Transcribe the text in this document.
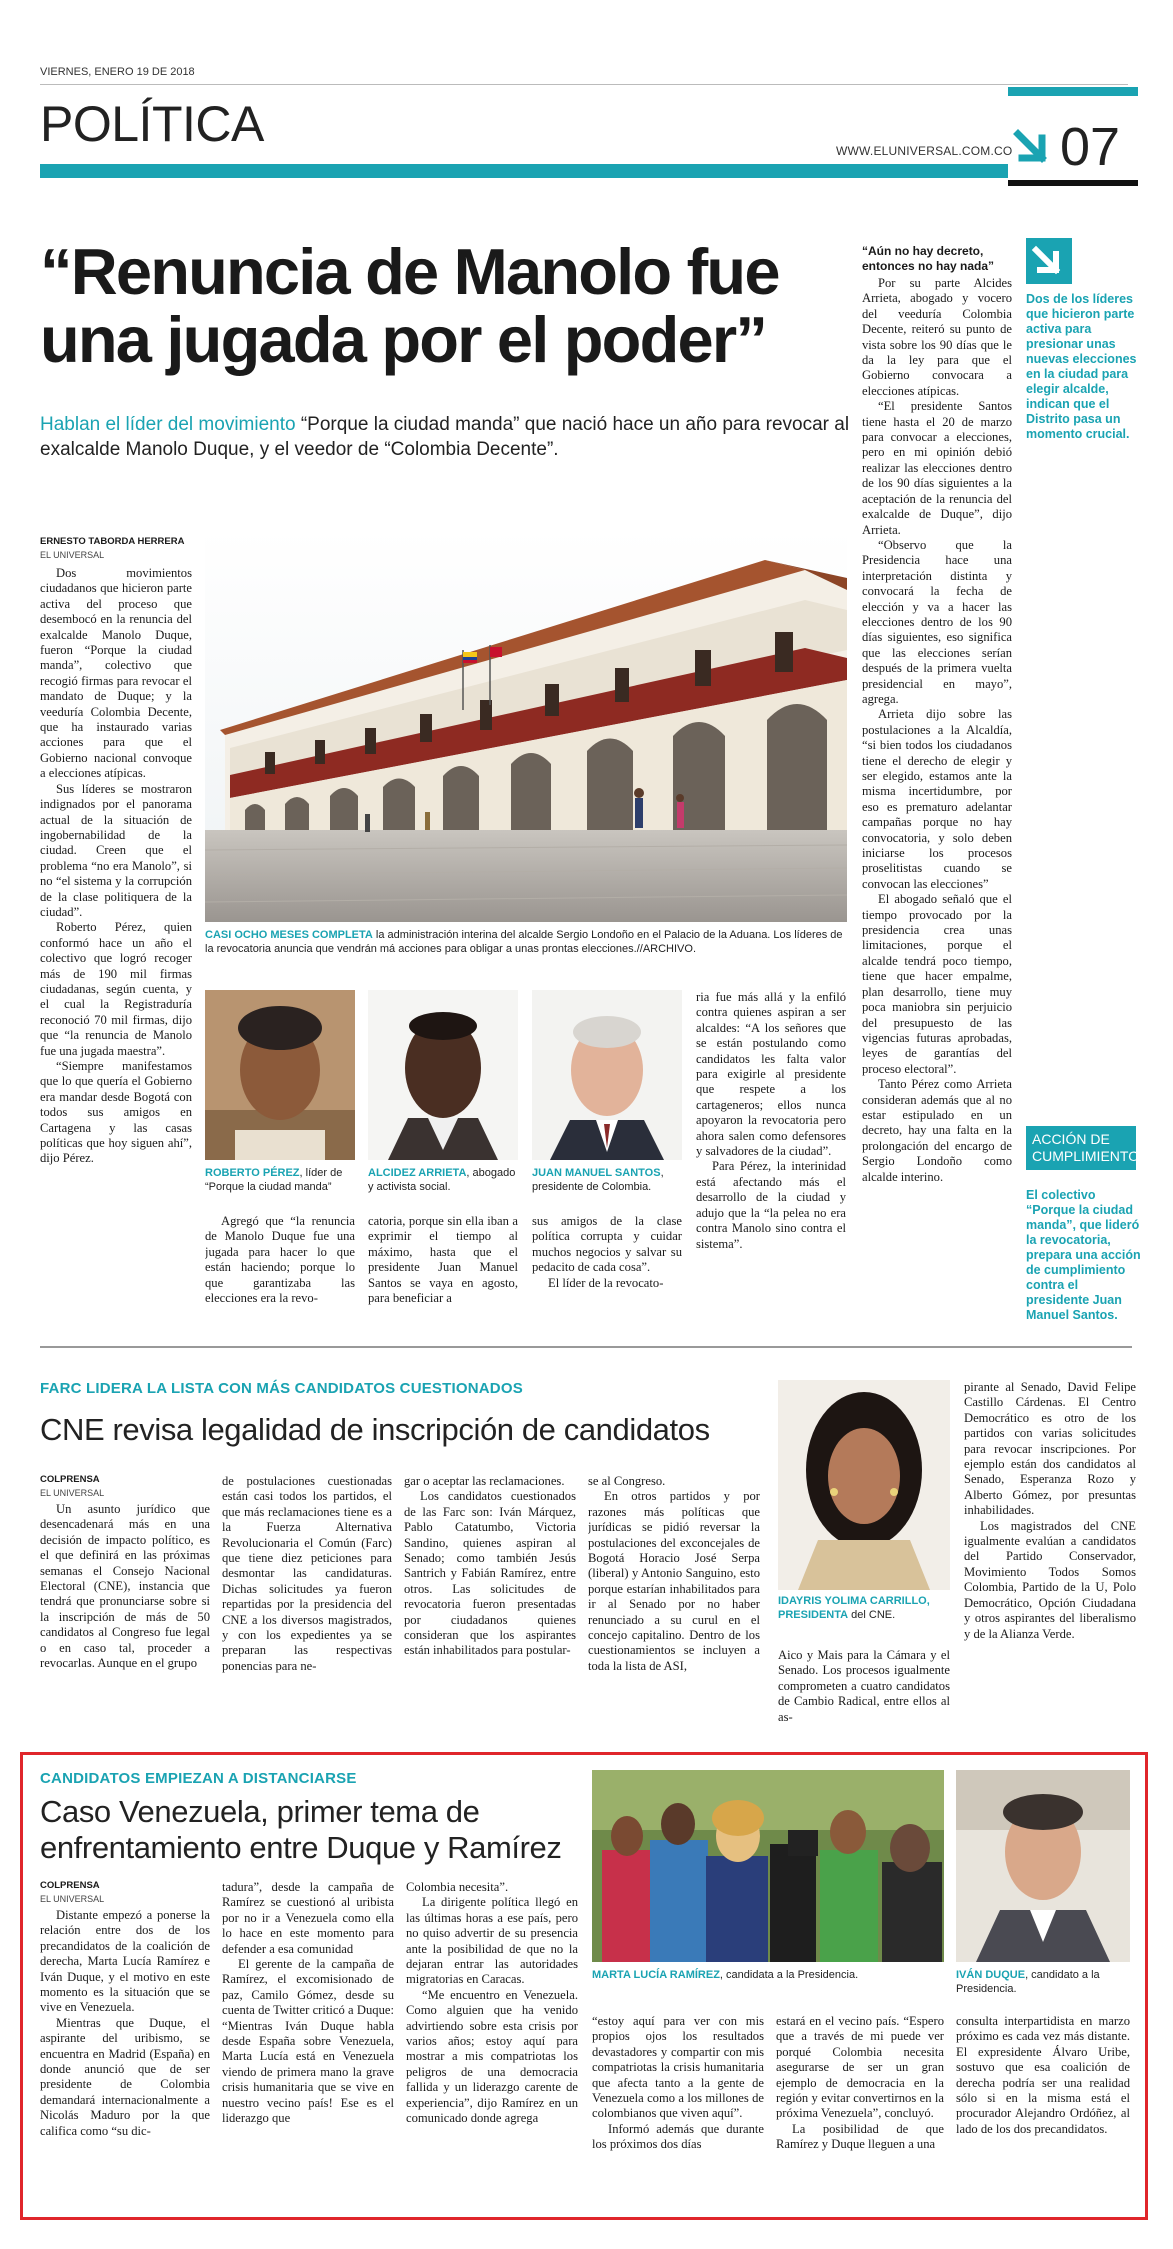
VIERNES, ENERO 19 DE 2018
POLÍTICA	WWW.ELUNIVERSAL.COM.CO 07
“Renuncia de Manolo fue una jugada por el poder”
Hablan el líder del movimiento “Porque la ciudad manda” que nació hace un año para revocar al exalcalde Manolo Duque, y el veedor de “Colombia Decente”.
ERNESTO TABORDA HERRERA
EL UNIVERSAL

Dos movimientos ciudadanos que hicieron parte activa del proceso que desembocó en la renuncia del exalcalde Manolo Duque, fueron “Porque la ciudad manda”, colectivo que recogió firmas para revocar el mandato de Duque; y la veeduría Colombia Decente, que ha instaurado varias acciones para que el Gobierno nacional convoque a elecciones atípicas.

Sus líderes se mostraron indignados por el panorama actual de la situación de ingobernabilidad de la ciudad. Creen que el problema “no era Manolo”, si no “el sistema y la corrupción de la clase politiquera de la ciudad”.

Roberto Pérez, quien conformó hace un año el colectivo que logró recoger más de 190 mil firmas ciudadanas, según cuenta, y el cual la Registraduría reconoció 70 mil firmas, dijo que “la renuncia de Manolo fue una jugada maestra”.

“Siempre manifestamos que lo que quería el Gobierno era mandar desde Bogotá con todos sus amigos en Cartagena y las casas políticas que hoy siguen ahí”, dijo Pérez.

CASI OCHO MESES COMPLETA la administración interina del alcalde Sergio Londoño en el Palacio de la Aduana. Los líderes de la revocatoria anuncia que vendrán má acciones para obligar a unas prontas elecciones.//ARCHIVO.
ROBERTO PÉREZ, líder de “Porque la ciudad manda”
ALCIDEZ ARRIETA, abogado y activista social.
JUAN MANUEL SANTOS, presidente de Colombia.

Agregó que “la renuncia de Manolo Duque fue una jugada para hacer lo que están haciendo; porque lo que garantizaba las elecciones era la revo-

catoria, porque sin ella iban a exprimir el tiempo al máximo, hasta que el presidente Juan Manuel Santos se vaya en agosto, para beneficiar a

sus amigos de la clase política corrupta y cuidar muchos negocios y salvar su pedacito de cada cosa”.

El líder de la revocato-

ria fue más allá y la enfiló contra quienes aspiran a ser alcaldes: “A los señores que se están postulando como candidatos les falta valor para exigirle al presidente que respete a los cartageneros; ellos nunca apoyaron la revocatoria pero ahora salen como defensores y salvadores de la ciudad”.

Para Pérez, la interinidad está afectando más el desarrollo de la ciudad y adujo que la “la pelea no era contra Manolo sino contra el sistema”.

“Aún no hay decreto, entonces no hay nada”

Por su parte Alcides Arrieta, abogado y vocero del veeduría Colombia Decente, reiteró su punto de vista sobre los 90 días que le da la ley para que el Gobierno convocara a elecciones atípicas.

“El presidente Santos tiene hasta el 20 de marzo para convocar a elecciones, pero en mi opinión debió realizar las elecciones dentro de los 90 días siguientes a la aceptación de la renuncia del exalcalde de Duque”, dijo Arrieta.

“Observo que la Presidencia hace una interpretación distinta y convocará la fecha de elección y va a hacer las elecciones dentro de los 90 días siguientes, eso significa que las elecciones serían después de la primera vuelta presidencial en mayo”, agrega.

Arrieta dijo sobre las postulaciones a la Alcaldía, “si bien todos los ciudadanos tiene el derecho de elegir y ser elegido, estamos ante la misma incertidumbre, por eso es prematuro adelantar campañas porque no hay convocatoria, y solo deben iniciarse los procesos proselitistas cuando se convocan las elecciones”

El abogado señaló que el tiempo provocado por la presidencia crea unas limitaciones, porque el alcalde tendrá poco tiempo, tiene que hacer empalme, plan desarrollo, tiene muy poca maniobra sin perjuicio del presupuesto de las vigencias futuras aprobadas, leyes de garantías del proceso electoral”.

Tanto Pérez como Arrieta consideran además que al no estar estipulado en un decreto, hay una falta en la prolongación del encargo de Sergio Londoño como alcalde interino.

Dos de los líderes que hicieron parte activa para presionar unas nuevas elecciones en la ciudad para elegir alcalde, indican que el Distrito pasa un momento crucial.
ACCIÓN DE CUMPLIMIENTO
El colectivo “Porque la ciudad manda”, que lideró la revocatoria, prepara una acción de cumplimiento contra el presidente Juan Manuel Santos.
FARC LIDERA LA LISTA CON MÁS CANDIDATOS CUESTIONADOS
CNE revisa legalidad de inscripción de candidatos
COLPRENSA
EL UNIVERSAL

Un asunto jurídico que desencadenará más en una decisión de impacto político, es el que definirá en las próximas semanas el Consejo Nacional Electoral (CNE), instancia que tendrá que pronunciarse sobre si la inscripción de más de 50 candidatos al Congreso fue legal o en caso tal, proceder a revocarlas. Aunque en el grupo

de postulaciones cuestionadas están casi todos los partidos, el que más reclamaciones tiene es a la Fuerza Alternativa Revolucionaria el Común (Farc) que tiene diez peticiones para desmontar las candidaturas. Dichas solicitudes ya fueron repartidas por la presidencia del CNE a los diversos magistrados, y con los expedientes ya se preparan las respectivas ponencias para ne-

gar o aceptar las reclamaciones.

Los candidatos cuestionados de las Farc son: Iván Márquez, Pablo Catatumbo, Victoria Sandino, quienes aspiran al Senado; como también Jesús Santrich y Fabián Ramírez, entre otros. Las solicitudes de revocatoria fueron presentadas por ciudadanos quienes consideran que los aspirantes están inhabilitados para postular-

se al Congreso.

En otros partidos y por razones más políticas que jurídicas se pidió reversar la postulaciones del exconcejales de Bogotá Horacio José Serpa (liberal) y Antonio Sanguino, esto porque estarían inhabilitados para ir al Senado por no haber renunciado a su curul en el concejo capitalino. Dentro de los cuestionamientos se incluyen a toda la lista de ASI,

IDAYRIS YOLIMA CARRILLO, PRESIDENTA del CNE.

Aico y Mais para la Cámara y el Senado. Los procesos igualmente comprometen a cuatro candidatos de Cambio Radical, entre ellos al as-

pirante al Senado, David Felipe Castillo Cárdenas. El Centro Democrático es otro de los partidos con varias solicitudes para revocar inscripciones. Por ejemplo están dos candidatos al Senado, Esperanza Rozo y Alberto Gómez, por presuntas inhabilidades.

Los magistrados del CNE igualmente evalúan a candidatos del Partido Conservador, Movimiento Todos Somos Colombia, Partido de la U, Polo Democrático, Opción Ciudadana y otros aspirantes del liberalismo y de la Alianza Verde.

CANDIDATOS EMPIEZAN A DISTANCIARSE
Caso Venezuela, primer tema de
enfrentamiento entre Duque y Ramírez
COLPRENSA
EL UNIVERSAL

Distante empezó a ponerse la relación entre dos de los precandidatos de la coalición de derecha, Marta Lucía Ramírez e Iván Duque, y el motivo en este momento es la situación que se vive en Venezuela.

Mientras que Duque, el aspirante del uribismo, se encuentra en Madrid (España) en donde anunció que de ser presidente de Colombia demandará internacionalmente a Nicolás Maduro por la que califica como “su dic-

tadura”, desde la campaña de Ramírez se cuestionó al uribista por no ir a Venezuela como ella lo hace en este momento para defender a esa comunidad

El gerente de la campaña de Ramírez, el excomisionado de paz, Camilo Gómez, desde su cuenta de Twitter criticó a Duque: “Mientras Iván Duque habla desde España sobre Venezuela, Marta Lucía está en Venezuela viendo de primera mano la grave crisis humanitaria que se vive en nuestro vecino país! Ese es el liderazgo que

Colombia necesita”.

La dirigente política llegó en las últimas horas a ese país, pero no quiso advertir de su presencia ante la posibilidad de que no la dejaran entrar las autoridades migratorias en Caracas.

“Me encuentro en Venezuela. Como alguien que ha venido advirtiendo sobre esta crisis por varios años; estoy aquí para mostrar a mis compatriotas los peligros de una democracia fallida y un liderazgo carente de experiencia”, dijo Ramírez en un comunicado donde agrega

MARTA LUCÍA RAMÍREZ, candidata a la Presidencia.	IVÁN DUQUE, candidato a la Presidencia.

“estoy aquí para ver con mis propios ojos los resultados devastadores y compartir con mis compatriotas la crisis humanitaria que afecta tanto a la gente de Venezuela como a los millones de colombianos que viven aquí”.

Informó además que durante los próximos dos días

estará en el vecino país. “Espero que a través de mi puede ver porqué Colombia necesita asegurarse de ser un gran ejemplo de democracia en la región y evitar convertirnos en la próxima Venezuela”, concluyó.

La posibilidad de que Ramírez y Duque lleguen a una

consulta interpartidista en marzo próximo es cada vez más distante. El expresidente Álvaro Uribe, sostuvo que esa coalición de derecha podría ser una realidad sólo si en la misma está el procurador Alejandro Ordóñez, al lado de los dos precandidatos.
